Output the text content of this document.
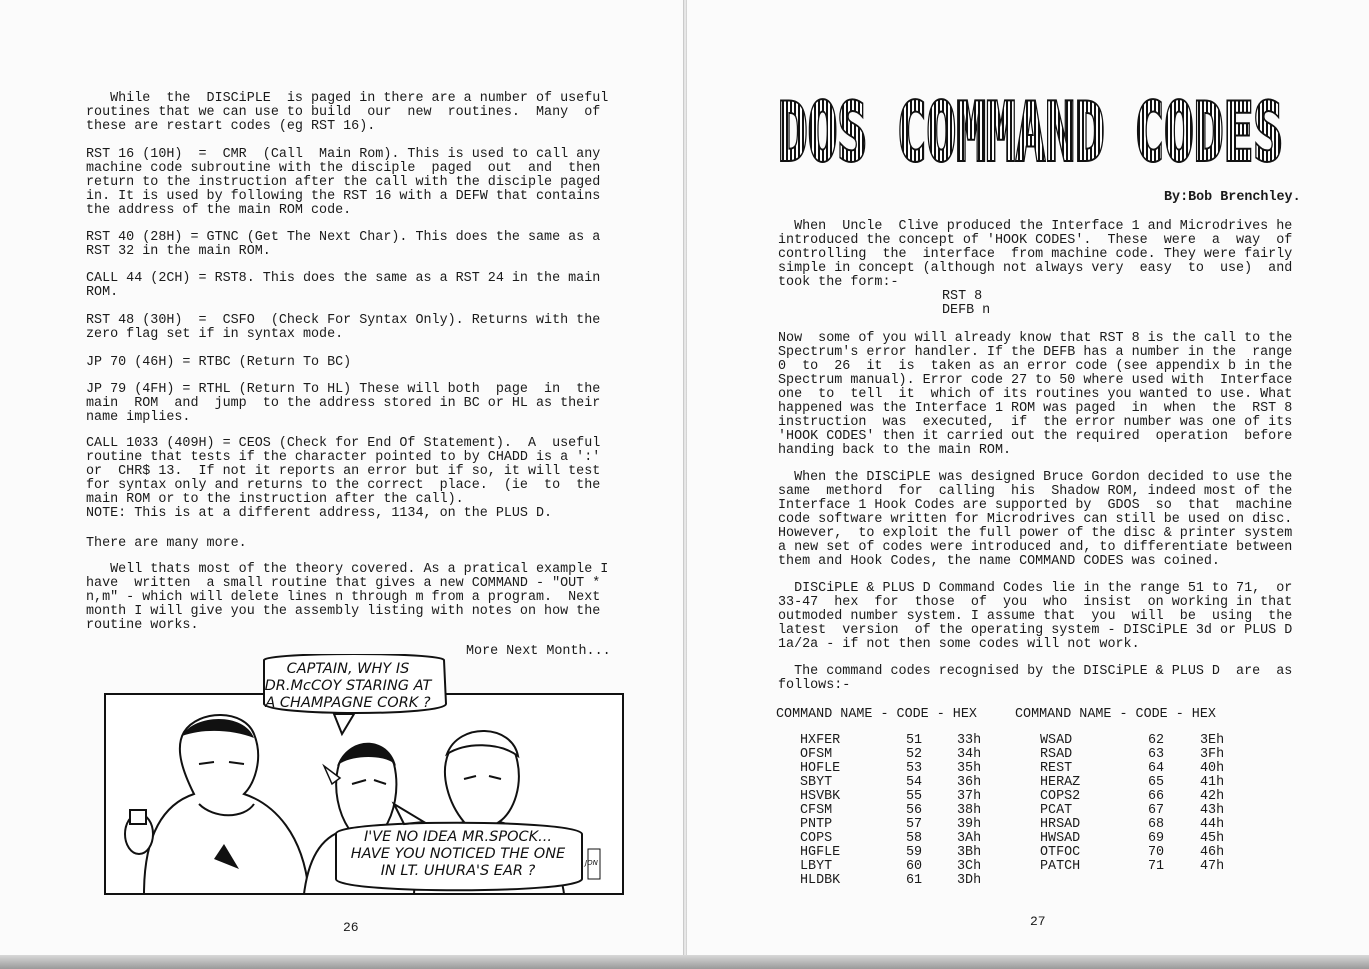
While  the  DISCiPLE  is paged in there are a number of useful
routines that we can use to build  our  new  routines.  Many  of
these are restart codes (eg RST 16).
RST 16 (10H)  =  CMR  (Call  Main Rom). This is used to call any
machine code subroutine with the disciple  paged  out  and  then
return to the instruction after the call with the disciple paged
in. It is used by following the RST 16 with a DEFW that contains
the address of the main ROM code.
RST 40 (28H) = GTNC (Get The Next Char). This does the same as a
RST 32 in the main ROM.
CALL 44 (2CH) = RST8. This does the same as a RST 24 in the main
ROM.
RST 48 (30H)  =  CSFO  (Check For Syntax Only). Returns with the
zero flag set if in syntax mode.
JP 70 (46H) = RTBC (Return To BC)
JP 79 (4FH) = RTHL (Return To HL) These will both  page  in  the
main  ROM  and  jump  to the address stored in BC or HL as their
name implies.
CALL 1033 (409H) = CEOS (Check for End Of Statement).  A  useful
routine that tests if the character pointed to by CHADD is a ':'
or  CHR$ 13.  If not it reports an error but if so, it will test
for syntax only and returns to the correct  place.  (ie  to  the
main ROM or to the instruction after the call).
NOTE: This is at a different address, 1134, on the PLUS D.
There are many more.
Well thats most of the theory covered. As a pratical example I
have  written  a small routine that gives a new COMMAND - "OUT *
n,m" - which will delete lines n through m from a program.  Next
month I will give you the assembly listing with notes on how the
routine works.
More Next Month...
CAPTAIN, WHY IS
DR.McCOY STARING AT
A CHAMPAGNE CORK ?
I'VE NO IDEA MR.SPOCK...
HAVE YOU NOTICED THE ONE
IN LT. UHURA'S EAR ?	JON
26
DOS COMMAND CODES
By:Bob Brenchley.
When  Uncle  Clive produced the Interface 1 and Microdrives he
introduced the concept of 'HOOK CODES'.  These  were  a  way  of
controlling  the  interface  from machine code. They were fairly
simple in concept (although not always very  easy  to  use)  and
took the form:-
RST 8
DEFB n
Now  some of you will already know that RST 8 is the call to the
Spectrum's error handler. If the DEFB has a number in the  range
0  to  26  it  is  taken as an error code (see appendix b in the
Spectrum manual). Error code 27 to 50 where used with  Interface
one  to  tell  it  which of its routines you wanted to use. What
happened was the Interface 1 ROM was paged  in  when  the  RST 8
instruction  was  executed,  if  the error number was one of its
'HOOK CODES' then it carried out the required  operation  before
handing back to the main ROM.
When the DISCiPLE was designed Bruce Gordon decided to use the
same  methord  for  calling  his  Shadow ROM, indeed most of the
Interface 1 Hook Codes are supported by  GDOS  so  that  machine
code software written for Microdrives can still be used on disc.
However,  to exploit the full power of the disc & printer system
a new set of codes were introduced and, to differentiate between
them and Hook Codes, the name COMMAND CODES was coined.
DISCiPLE & PLUS D Command Codes lie in the range 51 to 71,  or
33-47  hex  for  those  of  you  who  insist  on working in that
outmoded number system. I assume that  you  will  be  using  the
latest  version  of the operating system - DISCiPLE 3d or PLUS D
1a/2a - if not then some codes will not work.
The command codes recognised by the DISCiPLE & PLUS D  are  as
follows:-
COMMAND NAME - CODE - HEX	COMMAND NAME - CODE - HEX
HXFER	51	33h
OFSM	52	34h
HOFLE	53	35h
SBYT	54	36h
HSVBK	55	37h
CFSM	56	38h
PNTP	57	39h
COPS	58	3Ah
HGFLE	59	3Bh
LBYT	60	3Ch
HLDBK	61	3Dh
WSAD	62	3Eh
RSAD	63	3Fh
REST	64	40h
HERAZ	65	41h
COPS2	66	42h
PCAT	67	43h
HRSAD	68	44h
HWSAD	69	45h
OTFOC	70	46h
PATCH	71	47h
27
